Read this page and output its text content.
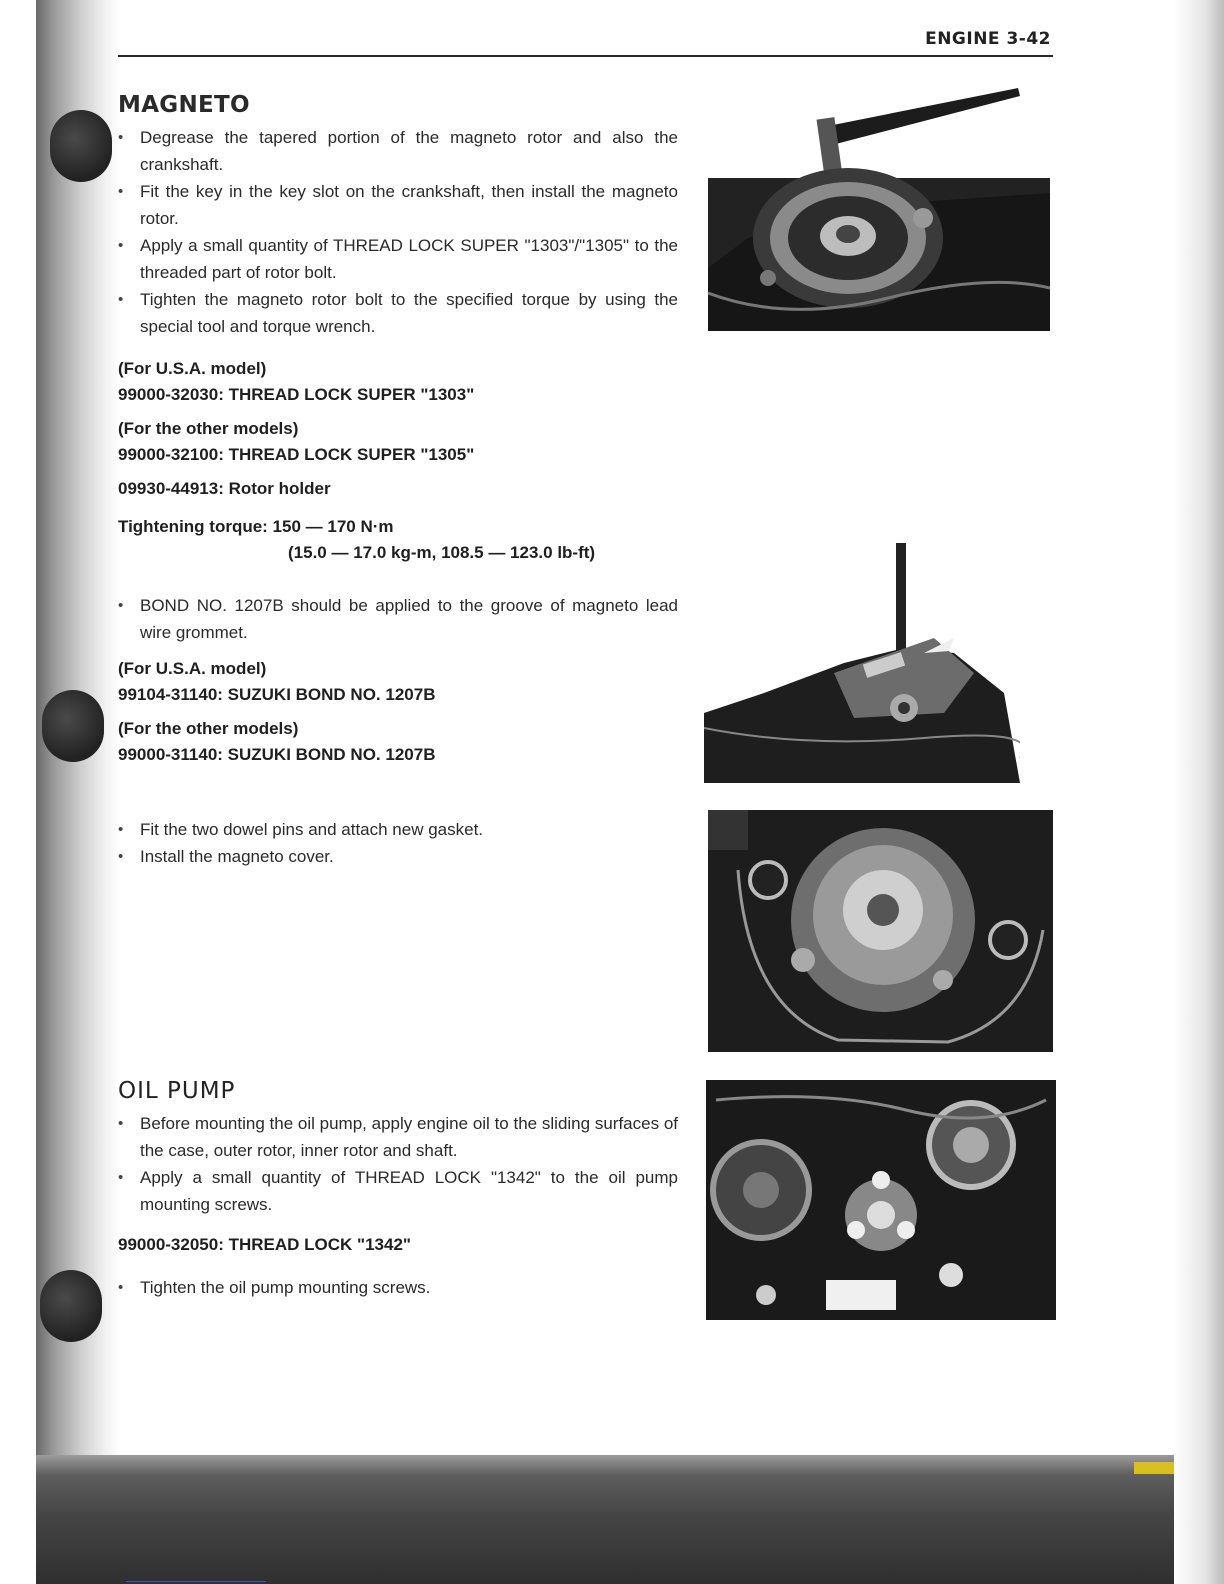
ENGINE 3-42
MAGNETO
• Degrease the tapered portion of the magneto rotor and also the crankshaft.
• Fit the key in the key slot on the crankshaft, then install the magneto rotor.
• Apply a small quantity of THREAD LOCK SUPER "1303"/"1305" to the threaded part of rotor bolt.
• Tighten the magneto rotor bolt to the specified torque by using the special tool and torque wrench.
(For U.S.A. model)
99000-32030: THREAD LOCK SUPER "1303"
(For the other models)
99000-32100: THREAD LOCK SUPER "1305"
09930-44913: Rotor holder
Tightening torque: 150 — 170 N·m
(15.0 — 17.0 kg-m, 108.5 — 123.0 lb-ft)
• BOND NO. 1207B should be applied to the groove of magneto lead wire grommet.
(For U.S.A. model)
99104-31140: SUZUKI BOND NO. 1207B
(For the other models)
99000-31140: SUZUKI BOND NO. 1207B
• Fit the two dowel pins and attach new gasket.
• Install the magneto cover.
OIL PUMP
• Before mounting the oil pump, apply engine oil to the sliding surfaces of the case, outer rotor, inner rotor and shaft.
• Apply a small quantity of THREAD LOCK "1342" to the oil pump mounting screws.
99000-32050: THREAD LOCK "1342"
• Tighten the oil pump mounting screws.
